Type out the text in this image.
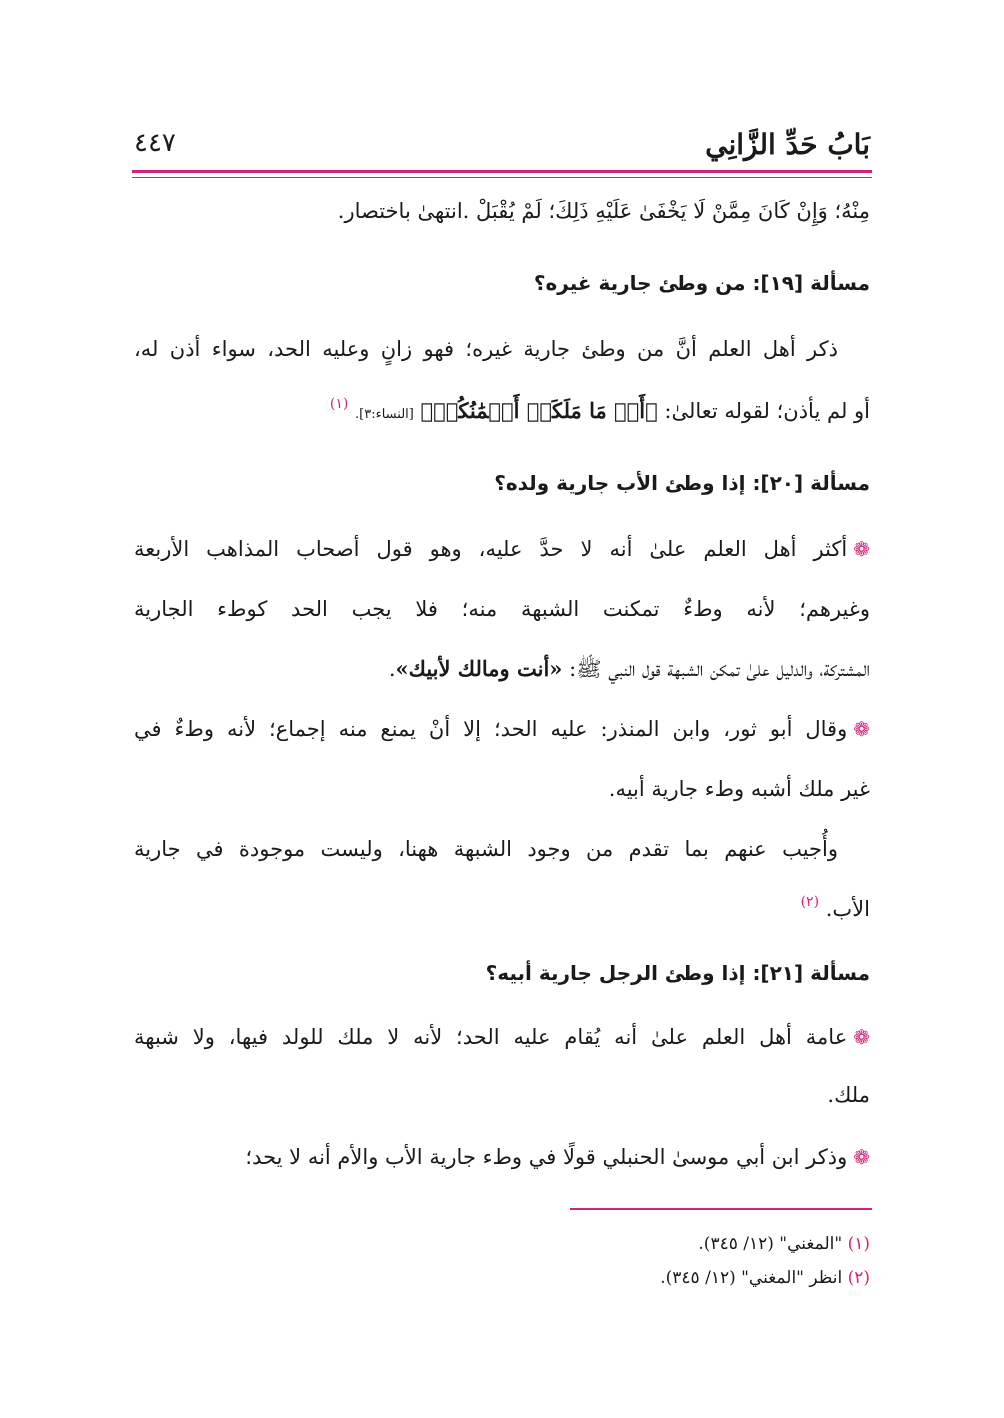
بَابُ حَدِّ الزَّانِي
٤٤٧
مِنْهُ؛ وَإِنْ كَانَ مِمَّنْ لَا يَخْفَىٰ عَلَيْهِ ذَلِكَ؛ لَمْ يُقْبَلْ .انتهىٰ باختصار.
مسألة [١٩]: من وطئ جارية غيره؟
ذكر أهل العلم أنَّ من وطئ جارية غيره؛ فهو زانٍ وعليه الحد، سواء أذن له،
أو لم يأذن؛ لقوله تعالىٰ: ﴿أَوۡ مَا مَلَكَتۡ أَيۡمَٰنُكُمۡ﴾ [النساء:٣]. $^{(١)}$
مسألة [٢٠]: إذا وطئ الأب جارية ولده؟
❁أكثر أهل العلم علىٰ أنه لا حدَّ عليه، وهو قول أصحاب المذاهب الأربعة
وغيرهم؛ لأنه وطءٌ تمكنت الشبهة منه؛ فلا يجب الحد كوطء الجارية
المشتركة، والدليل علىٰ تمكن الشبهة قول النبي ﷺ: «أنت ومالك لأبيك».
❁وقال أبو ثور، وابن المنذر: عليه الحد؛ إلا أنْ يمنع منه إجماع؛ لأنه وطءٌ في
غير ملك أشبه وطء جارية أبيه.
وأُجيب عنهم بما تقدم من وجود الشبهة ههنا، وليست موجودة في جارية
الأب. $^{(٢)}$
مسألة [٢١]: إذا وطئ الرجل جارية أبيه؟
❁عامة أهل العلم علىٰ أنه يُقام عليه الحد؛ لأنه لا ملك للولد فيها، ولا شبهة
ملك.
❁وذكر ابن أبي موسىٰ الحنبلي قولًا في وطء جارية الأب والأم أنه لا يحد؛
(١) "المغني" (١٢/ ٣٤٥).
(٢) انظر "المغني" (١٢/ ٣٤٥).
